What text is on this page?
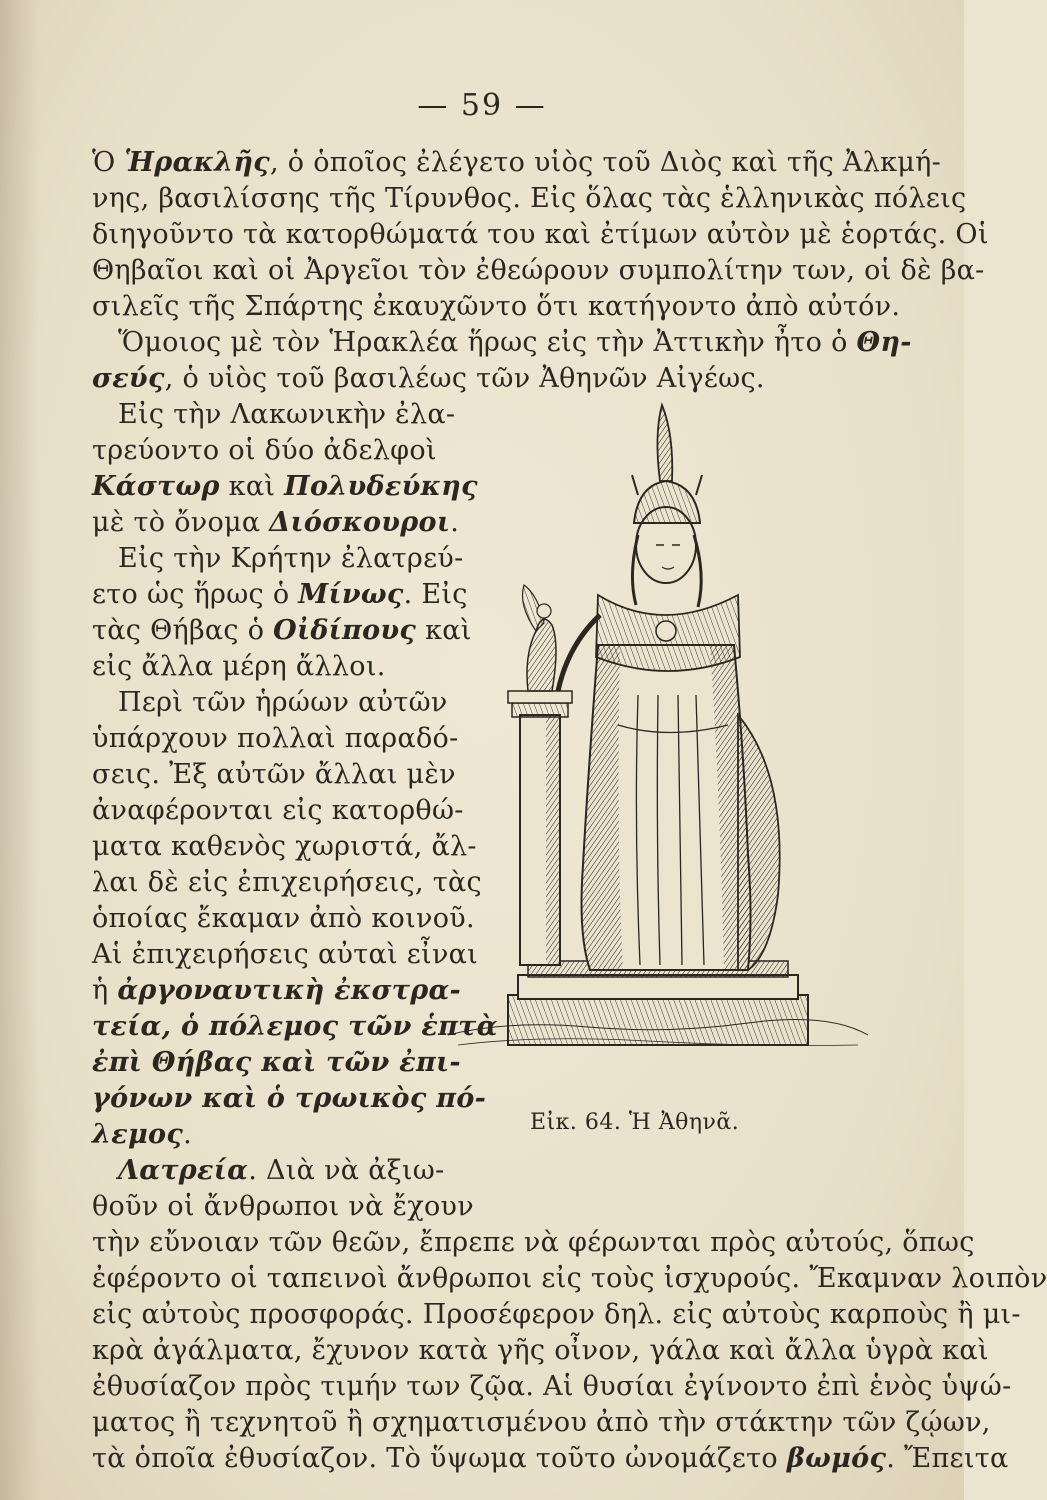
— 59 —
Ὁ Ἡρακλῆς, ὁ ὁποῖος ἐλέγετο υἱὸς τοῦ Διὸς καὶ τῆς Ἀλκμή-
νης, βασιλίσσης τῆς Τίρυνθος. Εἰς ὅλας τὰς ἑλληνικὰς πόλεις
διηγοῦντο τὰ κατορθώματά του καὶ ἐτίμων αὐτὸν μὲ ἑορτάς. Οἱ
Θηβαῖοι καὶ οἱ Ἀργεῖοι τὸν ἐθεώρουν συμπολίτην των, οἱ δὲ βα-
σιλεῖς τῆς Σπάρτης ἐκαυχῶντο ὅτι κατήγοντο ἀπὸ αὐτόν.
Ὅμοιος μὲ τὸν Ἡρακλέα ἥρως εἰς τὴν Ἀττικὴν ἦτο ὁ Θη-
σεύς, ὁ υἱὸς τοῦ βασιλέως τῶν Ἀθηνῶν Αἰγέως.
Εἰς τὴν Λακωνικὴν ἐλα-
τρεύοντο οἱ δύο ἀδελφοὶ
Κάστωρ καὶ Πολυδεύκης
μὲ τὸ ὄνομα Διόσκουροι.
Εἰς τὴν Κρήτην ἐλατρεύ-
ετο ὡς ἥρως ὁ Μίνως. Εἰς
τὰς Θήβας ὁ Οἰδίπους καὶ
εἰς ἄλλα μέρη ἄλλοι.
Περὶ τῶν ἡρώων αὐτῶν
ὑπάρχουν πολλαὶ παραδό-
σεις. Ἐξ αὐτῶν ἄλλαι μὲν
ἀναφέρονται εἰς κατορθώ-
ματα καθενὸς χωριστά, ἄλ-
λαι δὲ εἰς ἐπιχειρήσεις, τὰς
ὁποίας ἔκαμαν ἀπὸ κοινοῦ.
Αἱ ἐπιχειρήσεις αὐταὶ εἶναι
ἡ ἀργοναυτικὴ ἐκστρα-
τεία, ὁ πόλεμος τῶν ἑπτὰ
ἐπὶ Θήβας καὶ τῶν ἐπι-
γόνων καὶ ὁ τρωικὸς πό-
λεμος.
Λατρεία. Διὰ νὰ ἀξιω-
θοῦν οἱ ἄνθρωποι νὰ ἔχουν
τὴν εὔνοιαν τῶν θεῶν, ἔπρεπε νὰ φέρωνται πρὸς αὐτούς, ὅπως
ἐφέροντο οἱ ταπεινοὶ ἄνθρωποι εἰς τοὺς ἰσχυρούς. Ἔκαμναν λοιπὸν
εἰς αὐτοὺς προσφοράς. Προσέφερον δηλ. εἰς αὐτοὺς καρποὺς ἢ μι-
κρὰ ἀγάλματα, ἔχυνον κατὰ γῆς οἶνον, γάλα καὶ ἄλλα ὑγρὰ καὶ
ἐθυσίαζον πρὸς τιμήν των ζῷα. Αἱ θυσίαι ἐγίνοντο ἐπὶ ἑνὸς ὑψώ-
ματος ἢ τεχνητοῦ ἢ σχηματισμένου ἀπὸ τὴν στάκτην τῶν ζῴων,
τὰ ὁποῖα ἐθυσίαζον. Τὸ ὕψωμα τοῦτο ὠνομάζετο βωμός. Ἔπειτα
Εἰκ. 64. Ἡ Ἀθηνᾶ.
